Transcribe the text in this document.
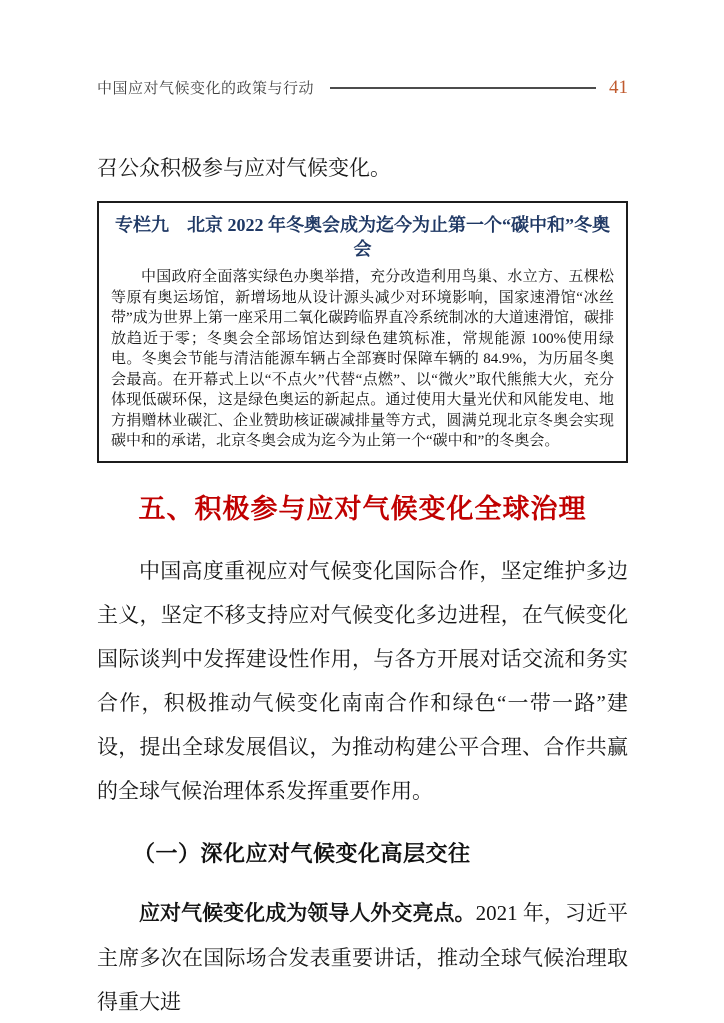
中国应对气候变化的政策与行动	41

召公众积极参与应对气候变化。

专栏九　北京 2022 年冬奥会成为迄今为止第一个“碳中和”冬奥会
中国政府全面落实绿色办奥举措，充分改造利用鸟巢、水立方、五棵松等原有奥运场馆，新增场地从设计源头减少对环境影响，国家速滑馆“冰丝带”成为世界上第一座采用二氧化碳跨临界直冷系统制冰的大道速滑馆，碳排放趋近于零；冬奥会全部场馆达到绿色建筑标准，常规能源 100%使用绿电。冬奥会节能与清洁能源车辆占全部赛时保障车辆的 84.9%，为历届冬奥会最高。在开幕式上以“不点火”代替“点燃”、以“微火”取代熊熊大火，充分体现低碳环保，这是绿色奥运的新起点。通过使用大量光伏和风能发电、地方捐赠林业碳汇、企业赞助核证碳减排量等方式，圆满兑现北京冬奥会实现碳中和的承诺，北京冬奥会成为迄今为止第一个“碳中和”的冬奥会。
五、积极参与应对气候变化全球治理

中国高度重视应对气候变化国际合作，坚定维护多边主义，坚定不移支持应对气候变化多边进程，在气候变化国际谈判中发挥建设性作用，与各方开展对话交流和务实合作，积极推动气候变化南南合作和绿色“一带一路”建设，提出全球发展倡议，为推动构建公平合理、合作共赢的全球气候治理体系发挥重要作用。

（一）深化应对气候变化高层交往

应对气候变化成为领导人外交亮点。2021 年，习近平主席多次在国际场合发表重要讲话，推动全球气候治理取得重大进
